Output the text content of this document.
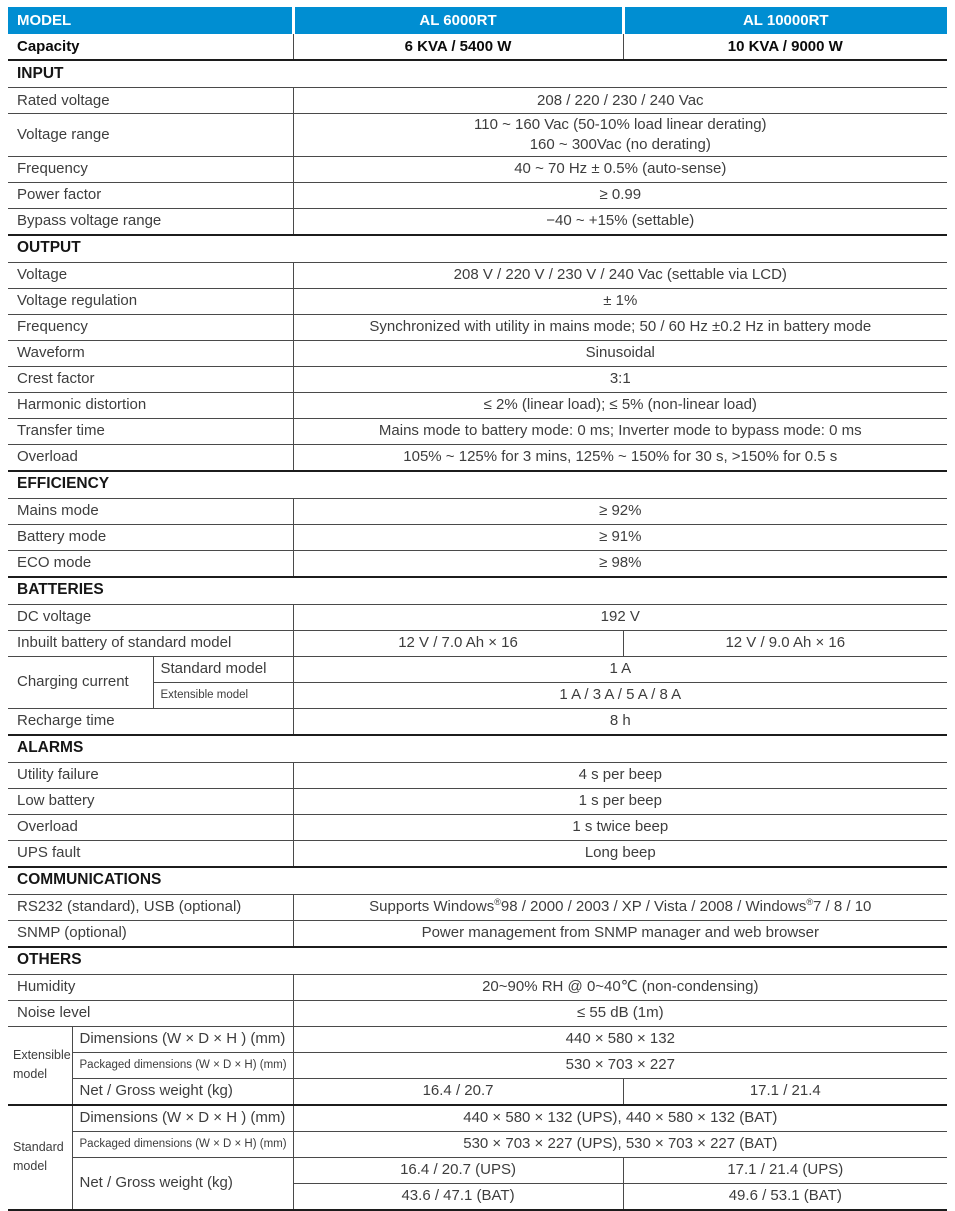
MODEL			AL 6000RT	AL 10000RT
Capacity			6 KVA / 5400 W	10 KVA / 9000 W
INPUT				
Rated voltage			208 / 220 / 230 / 240 Vac	
Voltage range			110 ~ 160 Vac (50-10% load linear derating)
160 ~ 300Vac (no derating)	
Frequency			40 ~ 70 Hz ± 0.5% (auto-sense)	
Power factor			≥ 0.99	
Bypass voltage range			−40 ~ +15% (settable)	
OUTPUT				
Voltage			208 V / 220 V / 230 V / 240 Vac (settable via LCD)	
Voltage regulation			± 1%	
Frequency			Synchronized with utility in mains mode; 50 / 60 Hz ±0.2 Hz in battery mode	
Waveform			Sinusoidal	
Crest factor			3:1	
Harmonic distortion			≤ 2% (linear load); ≤ 5% (non-linear load)	
Transfer time			Mains mode to battery mode: 0 ms; Inverter mode to bypass mode: 0 ms	
Overload			105% ~ 125% for 3 mins, 125% ~ 150% for 30 s, >150% for 0.5 s	
EFFICIENCY				
Mains mode			≥ 92%	
Battery mode			≥ 91%	
ECO mode			≥ 98%	
BATTERIES				
DC voltage			192 V	
Inbuilt battery of standard model			12 V / 7.0 Ah × 16	12 V / 9.0 Ah × 16
Charging current		Standard model	1 A	
		Extensible model	1 A / 3 A / 5 A / 8 A	
Recharge time			8 h	
ALARMS				
Utility failure			4 s per beep	
Low battery			1 s per beep	
Overload			1 s twice beep	
UPS fault			Long beep	
COMMUNICATIONS				
RS232 (standard), USB (optional)			Supports Windows®98 / 2000 / 2003 / XP / Vista / 2008 / Windows®7 / 8 / 10	
SNMP (optional)			Power management from SNMP manager and web browser	
OTHERS				
Humidity			20~90% RH @ 0~40℃ (non-condensing)	
Noise level			≤ 55 dB (1m)	
Extensible model	Dimensions (W × D × H ) (mm)		440 × 580 × 132	
	Packaged dimensions (W × D × H) (mm)		530 × 703 × 227	
	Net / Gross weight (kg)		16.4 / 20.7	17.1 / 21.4
Standard model	Dimensions (W × D × H ) (mm)		440 × 580 × 132 (UPS), 440 × 580 × 132 (BAT)	
	Packaged dimensions (W × D × H) (mm)		530 × 703 × 227 (UPS), 530 × 703 × 227 (BAT)	
	Net / Gross weight (kg)		16.4 / 20.7 (UPS)	17.1 / 21.4 (UPS)
			43.6 / 47.1 (BAT)	49.6 / 53.1 (BAT)
